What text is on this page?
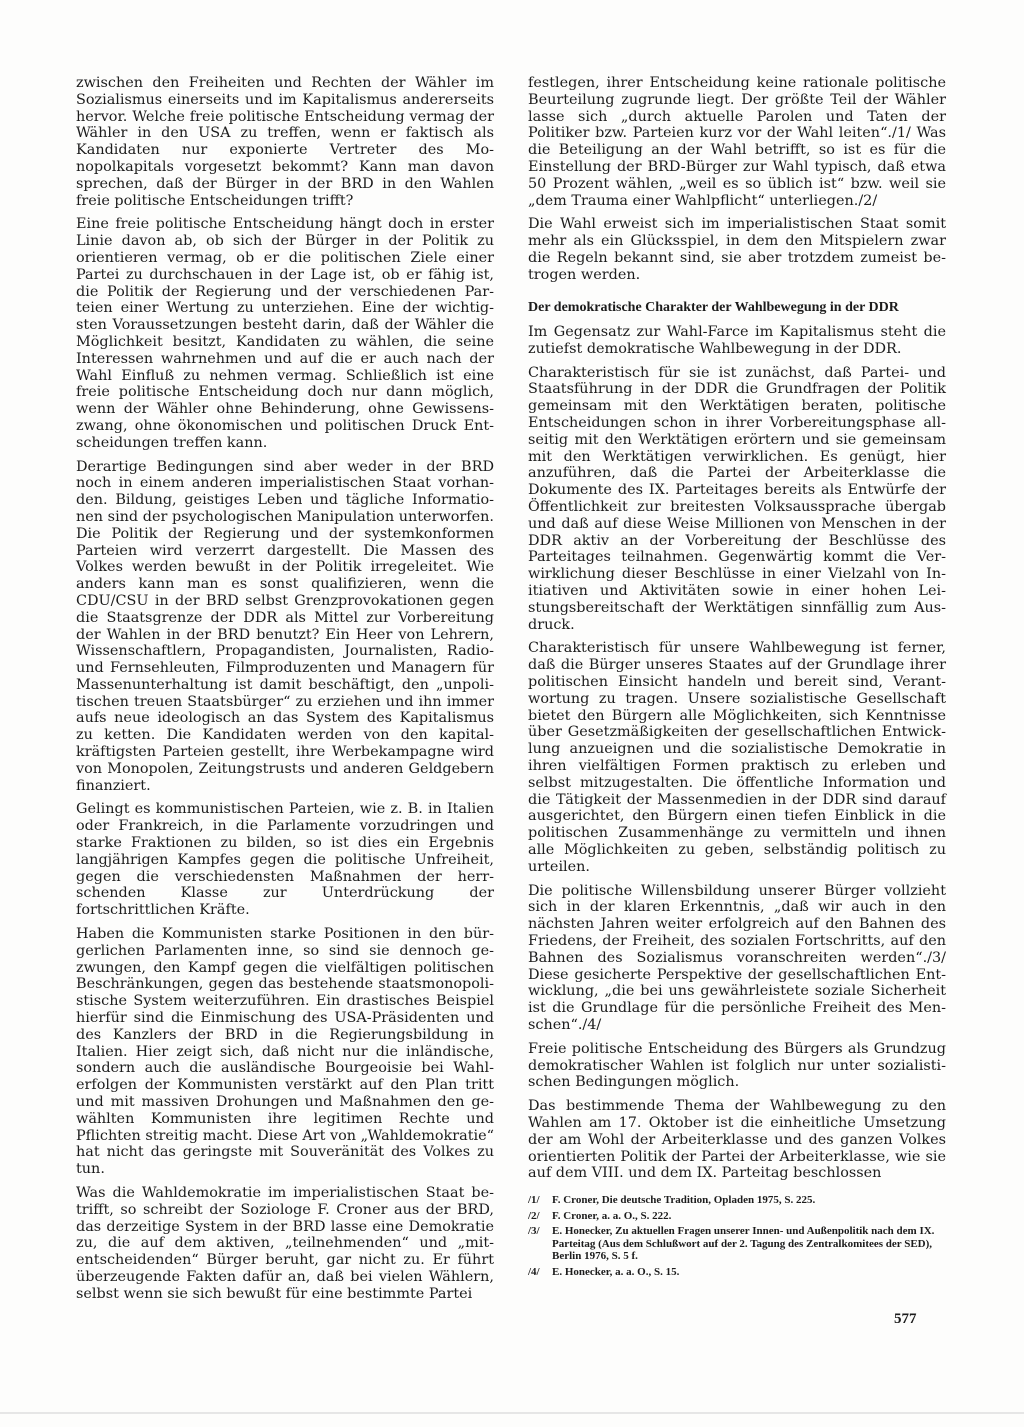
zwischen den Freiheiten und Rechten der Wähler im Sozialismus einerseits und im Kapitalismus andererseits hervor. Welche freie politische Entscheidung vermag der Wähler in den USA zu treffen, wenn er faktisch als Kandidaten nur exponierte Vertreter des Monopolkapitals vorgesetzt bekommt? Kann man davon sprechen, daß der Bürger in der BRD in den Wahlen freie politische Entscheidungen trifft?

Eine freie politische Entscheidung hängt doch in erster Linie davon ab, ob sich der Bürger in der Politik zu orientieren vermag, ob er die politischen Ziele einer Partei zu durchschauen in der Lage ist, ob er fähig ist, die Politik der Regierung und der verschiedenen Parteien einer Wertung zu unterziehen. Eine der wichtigsten Voraussetzungen besteht darin, daß der Wähler die Möglichkeit besitzt, Kandidaten zu wählen, die seine Interessen wahrnehmen und auf die er auch nach der Wahl Einfluß zu nehmen vermag. Schließlich ist eine freie politische Entscheidung doch nur dann möglich, wenn der Wähler ohne Behinderung, ohne Gewissenszwang, ohne ökonomischen und politischen Druck Entscheidungen treffen kann.

Derartige Bedingungen sind aber weder in der BRD noch in einem anderen imperialistischen Staat vorhanden. Bildung, geistiges Leben und tägliche Informationen sind der psychologischen Manipulation unterworfen. Die Politik der Regierung und der systemkonformen Parteien wird verzerrt dargestellt. Die Massen des Volkes werden bewußt in der Politik irregeleitet. Wie anders kann man es sonst qualifizieren, wenn die CDU/CSU in der BRD selbst Grenzprovokationen gegen die Staatsgrenze der DDR als Mittel zur Vorbereitung der Wahlen in der BRD benutzt? Ein Heer von Lehrern, Wissenschaftlern, Propagandisten, Journalisten, Radio- und Fernsehleuten, Filmproduzenten und Managern für Massenunterhaltung ist damit beschäftigt, den „unpolitischen treuen Staatsbürger“ zu erziehen und ihn immer aufs neue ideologisch an das System des Kapitalismus zu ketten. Die Kandidaten werden von den kapitalkräftigsten Parteien gestellt, ihre Werbekampagne wird von Monopolen, Zeitungstrusts und anderen Geldgebern finanziert.

Gelingt es kommunistischen Parteien, wie z. B. in Italien oder Frankreich, in die Parlamente vorzudringen und starke Fraktionen zu bilden, so ist dies ein Ergebnis langjährigen Kampfes gegen die politische Unfreiheit, gegen die verschiedensten Maßnahmen der herrschenden Klasse zur Unterdrückung der fortschrittlichen Kräfte.

Haben die Kommunisten starke Positionen in den bürgerlichen Parlamenten inne, so sind sie dennoch gezwungen, den Kampf gegen die vielfältigen politischen Beschränkungen, gegen das bestehende staatsmonopolistische System weiterzuführen. Ein drastisches Beispiel hierfür sind die Einmischung des USA-Präsidenten und des Kanzlers der BRD in die Regierungsbildung in Italien. Hier zeigt sich, daß nicht nur die inländische, sondern auch die ausländische Bourgeoisie bei Wahlerfolgen der Kommunisten verstärkt auf den Plan tritt und mit massiven Drohungen und Maßnahmen den gewählten Kommunisten ihre legitimen Rechte und Pflichten streitig macht. Diese Art von „Wahldemokratie“ hat nicht das geringste mit Souveränität des Volkes zu tun.

Was die Wahldemokratie im imperialistischen Staat betrifft, so schreibt der Soziologe F. Croner aus der BRD, das derzeitige System in der BRD lasse eine Demokratie zu, die auf dem aktiven, „teilnehmenden“ und „mitentscheidenden“ Bürger beruht, gar nicht zu. Er führt überzeugende Fakten dafür an, daß bei vielen Wählern, selbst wenn sie sich bewußt für eine bestimmte Partei

festlegen, ihrer Entscheidung keine rationale politische Beurteilung zugrunde liegt. Der größte Teil der Wähler lasse sich „durch aktuelle Parolen und Taten der Politiker bzw. Parteien kurz vor der Wahl leiten“./1/ Was die Beteiligung an der Wahl betrifft, so ist es für die Einstellung der BRD-Bürger zur Wahl typisch, daß etwa 50 Prozent wählen, „weil es so üblich ist“ bzw. weil sie „dem Trauma einer Wahlpflicht“ unterliegen./2/

Die Wahl erweist sich im imperialistischen Staat somit mehr als ein Glücksspiel, in dem den Mitspielern zwar die Regeln bekannt sind, sie aber trotzdem zumeist betrogen werden.

Der demokratische Charakter der Wahlbewegung in der DDR

Im Gegensatz zur Wahl-Farce im Kapitalismus steht die zutiefst demokratische Wahlbewegung in der DDR.

Charakteristisch für sie ist zunächst, daß Partei- und Staatsführung in der DDR die Grundfragen der Politik gemeinsam mit den Werktätigen beraten, politische Entscheidungen schon in ihrer Vorbereitungsphase allseitig mit den Werktätigen erörtern und sie gemeinsam mit den Werktätigen verwirklichen. Es genügt, hier anzuführen, daß die Partei der Arbeiterklasse die Dokumente des IX. Parteitages bereits als Entwürfe der Öffentlichkeit zur breitesten Volksaussprache übergab und daß auf diese Weise Millionen von Menschen in der DDR aktiv an der Vorbereitung der Beschlüsse des Parteitages teilnahmen. Gegenwärtig kommt die Verwirklichung dieser Beschlüsse in einer Vielzahl von Initiativen und Aktivitäten sowie in einer hohen Leistungsbereitschaft der Werktätigen sinnfällig zum Ausdruck.

Charakteristisch für unsere Wahlbewegung ist ferner, daß die Bürger unseres Staates auf der Grundlage ihrer politischen Einsicht handeln und bereit sind, Verantwortung zu tragen. Unsere sozialistische Gesellschaft bietet den Bürgern alle Möglichkeiten, sich Kenntnisse über Gesetzmäßigkeiten der gesellschaftlichen Entwicklung anzueignen und die sozialistische Demokratie in ihren vielfältigen Formen praktisch zu erleben und selbst mitzugestalten. Die öffentliche Information und die Tätigkeit der Massenmedien in der DDR sind darauf ausgerichtet, den Bürgern einen tiefen Einblick in die politischen Zusammenhänge zu vermitteln und ihnen alle Möglichkeiten zu geben, selbständig politisch zu urteilen.

Die politische Willensbildung unserer Bürger vollzieht sich in der klaren Erkenntnis, „daß wir auch in den nächsten Jahren weiter erfolgreich auf den Bahnen des Friedens, der Freiheit, des sozialen Fortschritts, auf den Bahnen des Sozialismus voranschreiten werden“./3/ Diese gesicherte Perspektive der gesellschaftlichen Entwicklung, „die bei uns gewährleistete soziale Sicherheit ist die Grundlage für die persönliche Freiheit des Menschen“./4/

Freie politische Entscheidung des Bürgers als Grundzug demokratischer Wahlen ist folglich nur unter sozialistischen Bedingungen möglich.

Das bestimmende Thema der Wahlbewegung zu den Wahlen am 17. Oktober ist die einheitliche Umsetzung der am Wohl der Arbeiterklasse und des ganzen Volkes orientierten Politik der Partei der Arbeiterklasse, wie sie auf dem VIII. und dem IX. Parteitag beschlossen

/1/	F. Croner, Die deutsche Tradition, Opladen 1975, S. 225.
/2/	F. Croner, a. a. O., S. 222.
/3/	E. Honecker, Zu aktuellen Fragen unserer Innen- und Außenpolitik nach dem IX. Parteitag (Aus dem Schlußwort auf der 2. Tagung des Zentralkomitees der SED), Berlin 1976, S. 5 f.
/4/	E. Honecker, a. a. O., S. 15.
577
